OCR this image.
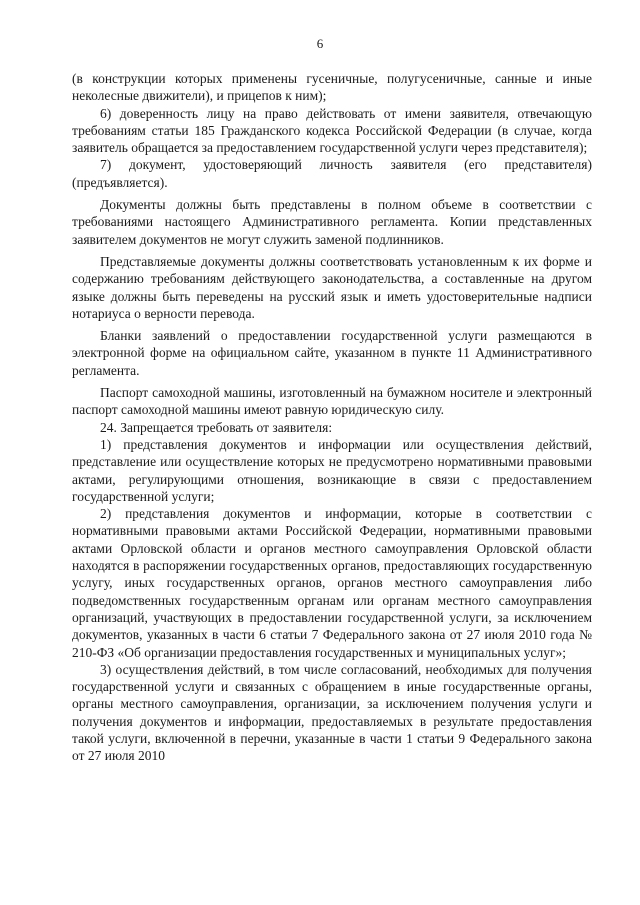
6

(в конструкции которых применены гусеничные, полугусеничные, санные и иные неколесные движители), и прицепов к ним);

6) доверенность лицу на право действовать от имени заявителя, отвечающую требованиям статьи 185 Гражданского кодекса Российской Федерации (в случае, когда заявитель обращается за предоставлением государственной услуги через представителя);

7) документ, удостоверяющий личность заявителя (его представителя) (предъявляется).

Документы должны быть представлены в полном объеме в соответствии с требованиями настоящего Административного регламента. Копии представленных заявителем документов не могут служить заменой подлинников.

Представляемые документы должны соответствовать установленным к их форме и содержанию требованиям действующего законодательства, а составленные на другом языке должны быть переведены на русский язык и иметь удостоверительные надписи нотариуса о верности перевода.

Бланки заявлений о предоставлении государственной услуги размещаются в электронной форме на официальном сайте, указанном в пункте 11 Административного регламента.

Паспорт самоходной машины, изготовленный на бумажном носителе и электронный паспорт самоходной машины имеют равную юридическую силу.

24. Запрещается требовать от заявителя:

1) представления документов и информации или осуществления действий, представление или осуществление которых не предусмотрено нормативными правовыми актами, регулирующими отношения, возникающие в связи с предоставлением государственной услуги;

2) представления документов и информации, которые в соответствии с нормативными правовыми актами Российской Федерации, нормативными правовыми актами Орловской области и органов местного самоуправления Орловской области находятся в распоряжении государственных органов, предоставляющих государственную услугу, иных государственных органов, органов местного самоуправления либо подведомственных государственным органам или органам местного самоуправления организаций, участвующих в предоставлении государственной услуги, за исключением документов, указанных в части 6 статьи 7 Федерального закона от 27 июля 2010 года № 210-ФЗ «Об организации предоставления государственных и муниципальных услуг»;

3) осуществления действий, в том числе согласований, необходимых для получения государственной услуги и связанных с обращением в иные государственные органы, органы местного самоуправления, организации, за исключением получения услуги и получения документов и информации, предоставляемых в результате предоставления такой услуги, включенной в перечни, указанные в части 1 статьи 9 Федерального закона от 27 июля 2010
